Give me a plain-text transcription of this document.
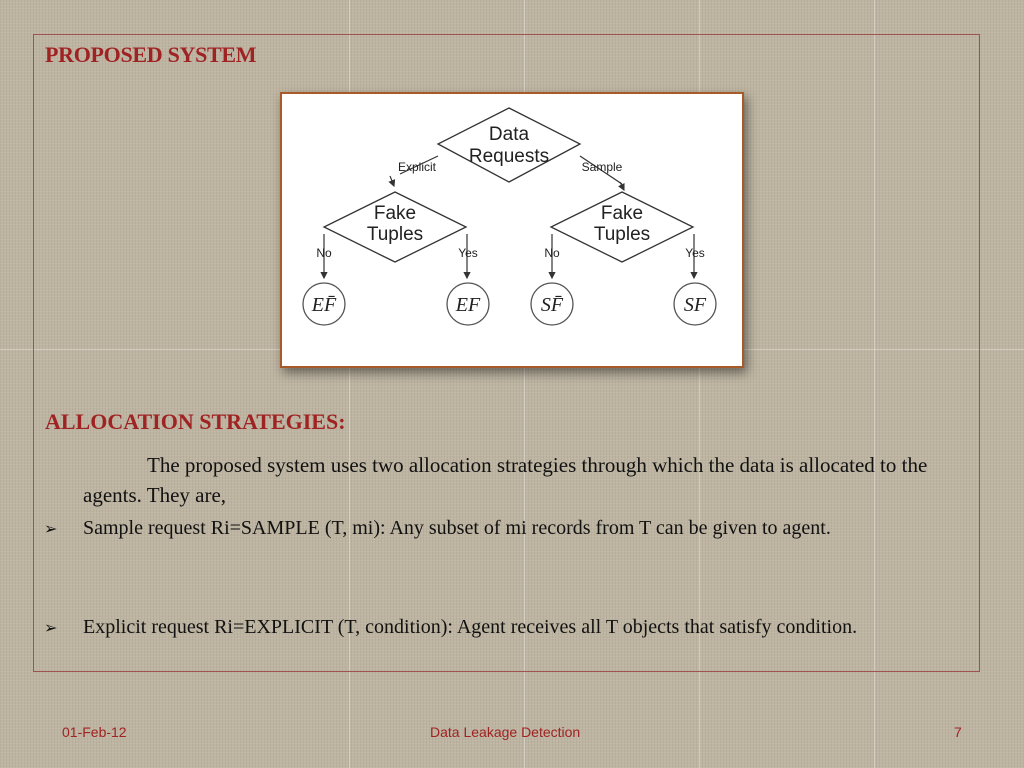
PROPOSED SYSTEM
Data
Requests
Fake
Tuples
Fake
Tuples
Explicit	Sample
No	Yes	No	Yes
EF̄	EF	SF̄	SF
ALLOCATION STRATEGIES:

The proposed system uses two allocation strategies through which the data is allocated to the agents. They are,

➢	Sample request Ri=SAMPLE (T, mi): Any subset of mi records from T can be given to agent.
➢	Explicit request Ri=EXPLICIT (T, condition): Agent receives all T objects that satisfy condition.
01-Feb-12	Data Leakage Detection	7
